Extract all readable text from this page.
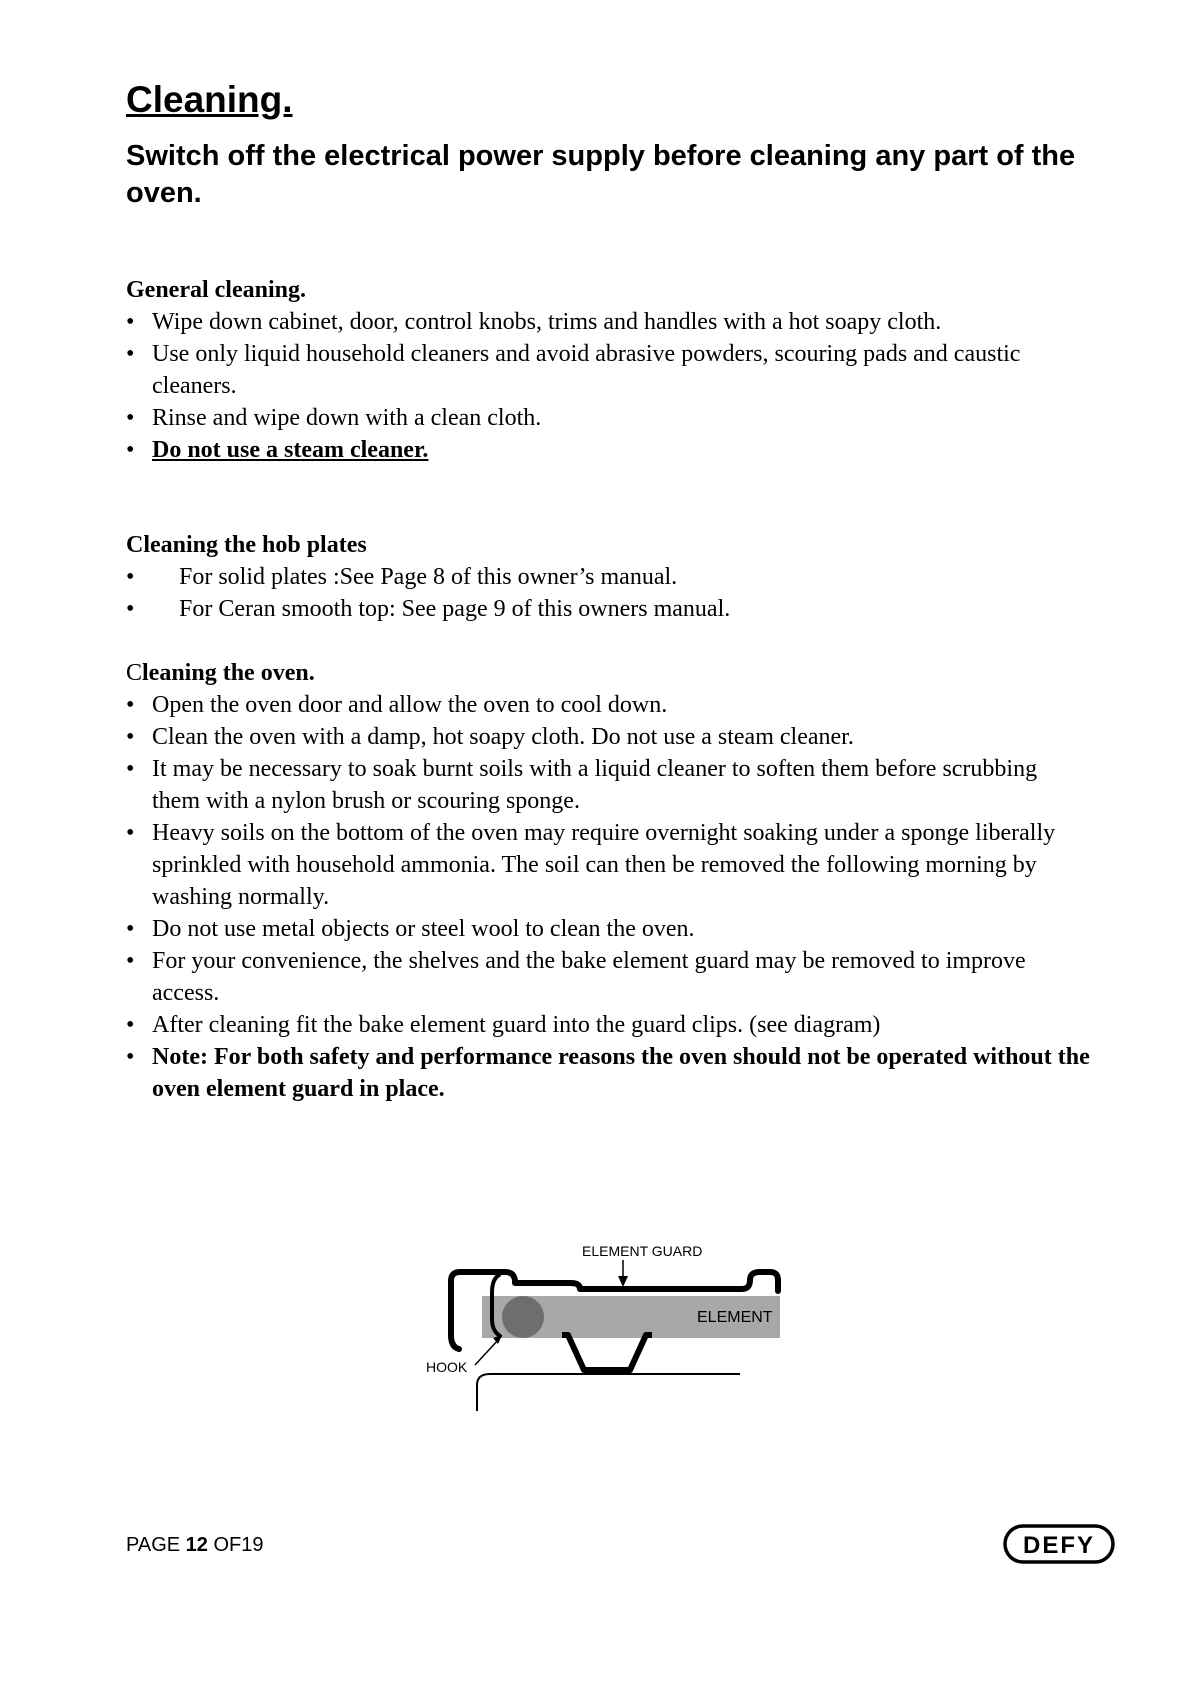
Cleaning.
Switch off the electrical power supply before cleaning any part of the oven.
General cleaning.
• Wipe down cabinet, door, control knobs, trims and handles with a hot soapy cloth.
• Use only liquid household cleaners and avoid abrasive powders, scouring pads and caustic cleaners.
• Rinse and wipe down with a clean cloth.
• Do not use a steam cleaner.
Cleaning the hob plates
• For solid plates :See Page 8 of this owner’s manual.
• For Ceran smooth top: See page 9 of this owners manual.
Cleaning the oven.
• Open the oven door and allow the oven to cool down.
• Clean the oven with a damp, hot soapy cloth. Do not use a steam cleaner.
• It may be necessary to soak burnt soils with a liquid cleaner to soften them before scrubbing them with a nylon brush or scouring sponge.
• Heavy soils on the bottom of the oven may require overnight soaking under a sponge liberally sprinkled with household ammonia. The soil can then be removed the following morning by washing normally.
• Do not use metal objects or steel wool to clean the oven.
• For your convenience, the shelves and the bake element guard may be removed to improve access.
• After cleaning fit the bake element guard into the guard clips. (see diagram)
• Note: For both safety and performance reasons the oven should not be operated without the oven element guard in place.
ELEMENT GUARD
ELEMENT
HOOK
PAGE 12 OF19	DEFY
